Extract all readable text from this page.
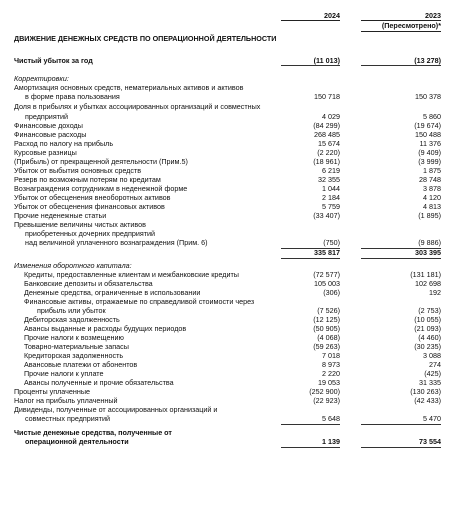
2024	2023
(Пересмотрено)*
ДВИЖЕНИЕ ДЕНЕЖНЫХ СРЕДСТВ ПО ОПЕРАЦИОННОЙ ДЕЯТЕЛЬНОСТИ
Чистый убыток за год	(11 013)	(13 278)
Корректировки:
Амортизация основных средств, нематериальных активов и активов
в форме права пользования	150 718	150 378
Доля в прибылях и убытках ассоциированных организаций и совместных
предприятий	4 029	5 860
Финансовые доходы	(84 299)	(19 674)
Финансовые расходы	268 485	150 488
Расход по налогу на прибыль	15 674	11 376
Курсовые разницы	(2 220)	(9 409)
(Прибыль) от прекращенной деятельности (Прим.5)	(18 961)	(3 999)
Убыток от выбытия основных средств	6 219	1 875
Резерв по возможным потерям по кредитам	32 355	28 748
Вознаграждения сотрудникам в неденежной форме	1 044	3 878
Убыток от обесценения внеоборотных активов	2 184	4 120
Убыток от обесценения финансовых активов	5 759	4 813
Прочие неденежные статьи	(33 407)	(1 895)
Превышение величины чистых активов
приобретенных дочерних предприятий
над величиной уплаченного вознаграждения (Прим. 6)	(750)	(9 886)
335 817	303 395
Изменения оборотного капитала:
Кредиты, предоставленные клиентам и межбанковские кредиты	(72 577)	(131 181)
Банковские депозиты и обязательства	105 003	102 698
Денежные средства, ограниченные в использовании	(306)	192
Финансовые активы, отражаемые по справедливой стоимости через
прибыль или убыток	(7 526)	(2 753)
Дебиторская задолженность	(12 125)	(10 055)
Авансы выданные и расходы будущих периодов	(50 905)	(21 093)
Прочие налоги к возмещению	(4 068)	(4 460)
Товарно-материальные запасы	(59 263)	(30 235)
Кредиторская задолженность	7 018	3 088
Авансовые платежи от абонентов	8 973	274
Прочие налоги к уплате	2 220	(425)
Авансы полученные и прочие обязательства	19 053	31 335
Проценты уплаченные	(252 900)	(130 263)
Налог на прибыль уплаченный	(22 923)	(42 433)
Дивиденды, полученные от ассоциированных организаций и
совместных предприятий	5 648	5 470
Чистые денежные средства, полученные от
операционной деятельности	1 139	73 554
